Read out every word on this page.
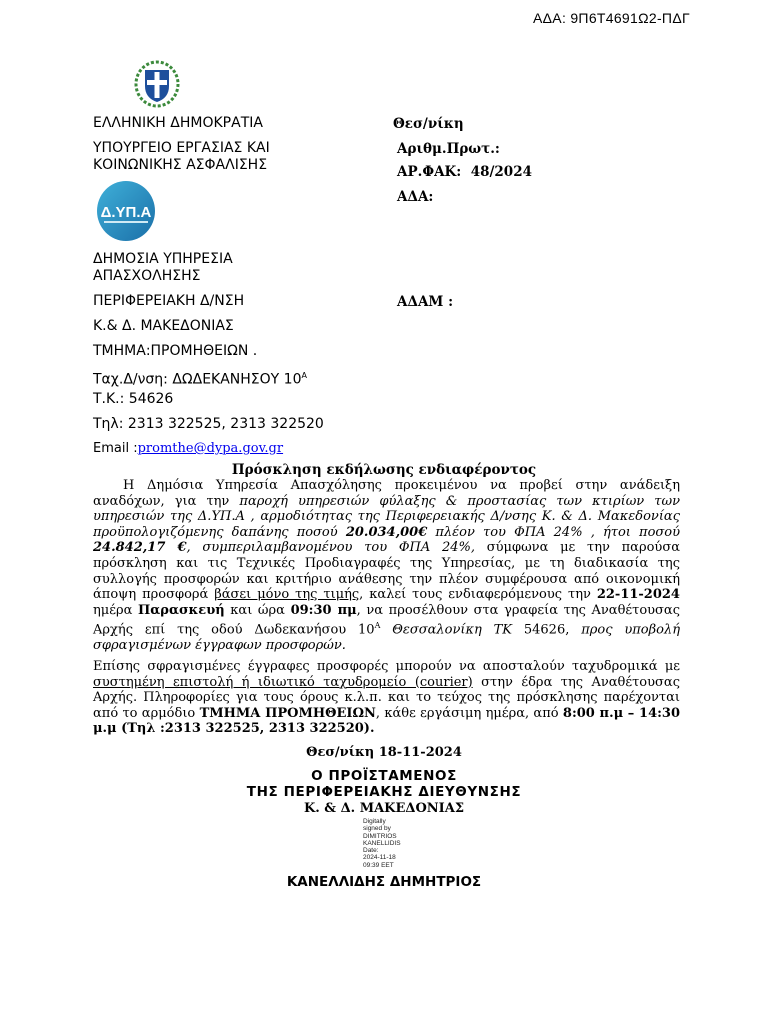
ΑΔΑ: 9Π6Τ4691Ω2-ΠΔΓ
ΕΛΛΗΝΙΚΗ ΔΗΜΟΚΡΑΤΙΑ
ΥΠΟΥΡΓΕΙΟ ΕΡΓΑΣΙΑΣ ΚΑΙ
ΚΟΙΝΩΝΙΚΗΣ ΑΣΦΑΛΙΣΗΣ
Δ.ΥΠ.Α
ΔΗΜΟΣΙΑ ΥΠΗΡΕΣΙΑ
ΑΠΑΣΧΟΛΗΣΗΣ
ΠΕΡΙΦΕΡΕΙΑΚΗ Δ/ΝΣΗ
Κ.& Δ. ΜΑΚΕΔΟΝΙΑΣ
ΤΜΗΜΑ:ΠΡΟΜΗΘΕΙΩΝ .
Ταχ.Δ/νση: ΔΩΔΕΚΑΝΗΣΟΥ $10^A$
Τ.Κ.: 54626
Τηλ: 2313 322525, 2313 322520
Email :promthe@dypa.gov.gr
Θεσ/νίκη
Αριθμ.Πρωτ.:
ΑΡ.ΦΑΚ: 48/2024
ΑΔΑ:
ΑΔΑΜ :
Πρόσκληση εκδήλωσης ενδιαφέροντος
Η Δημόσια Υπηρεσία Απασχόλησης προκειμένου να προβεί στην ανάδειξη αναδόχων, για την παροχή υπηρεσιών φύλαξης & προστασίας των κτιρίων των υπηρεσιών της Δ.ΥΠ.Α , αρμοδιότητας της Περιφερειακής Δ/νσης Κ. & Δ. Μακεδονίας προϋπολογιζόμενης δαπάνης ποσού 20.034,00€ πλέον του ΦΠΑ 24% , ήτοι ποσού 24.842,17 €, συμπεριλαμβανομένου του ΦΠΑ 24%, σύμφωνα με την παρούσα πρόσκληση και τις Τεχνικές Προδιαγραφές της Υπηρεσίας, με τη διαδικασία της συλλογής προσφορών και κριτήριο ανάθεσης την πλέον συμφέρουσα από οικονομική άποψη προσφορά βάσει μόνο της τιμής, καλεί τους ενδιαφερόμενους την 22-11-2024 ημέρα Παρασκευή και ώρα 09:30 πμ, να προσέλθουν στα γραφεία της Αναθέτουσας Αρχής επί της οδού Δωδεκανήσου $10^A$ Θεσσαλονίκη ΤΚ 54626, προς υποβολή σφραγισμένων έγγραφων προσφορών.
Επίσης σφραγισμένες έγγραφες προσφορές μπορούν να αποσταλούν ταχυδρομικά με συστημένη επιστολή ή ιδιωτικό ταχυδρομείο (courier) στην έδρα της Αναθέτουσας Αρχής. Πληροφορίες για τους όρους κ.λ.π. και το τεύχος της πρόσκλησης παρέχονται από το αρμόδιο ΤΜΗΜΑ ΠΡΟΜΗΘΕΙΩΝ, κάθε εργάσιμη ημέρα, από 8:00 π.μ – 14:30 μ.μ (Τηλ :2313 322525, 2313 322520).
Θεσ/νίκη 18-11-2024
Ο ΠΡΟΪΣΤΑΜΕΝΟΣ
ΤΗΣ ΠΕΡΙΦΕΡΕΙΑΚΗΣ ΔΙΕΥΘΥΝΣΗΣ
Κ. & Δ. ΜΑΚΕΔΟΝΙΑΣ
Digitally
signed by
DIMITRIOS
KANELLIDIS
Date:
2024-11-18
09:39 EET
ΚΑΝΕΛΛΙΔΗΣ ΔΗΜΗΤΡΙΟΣ
